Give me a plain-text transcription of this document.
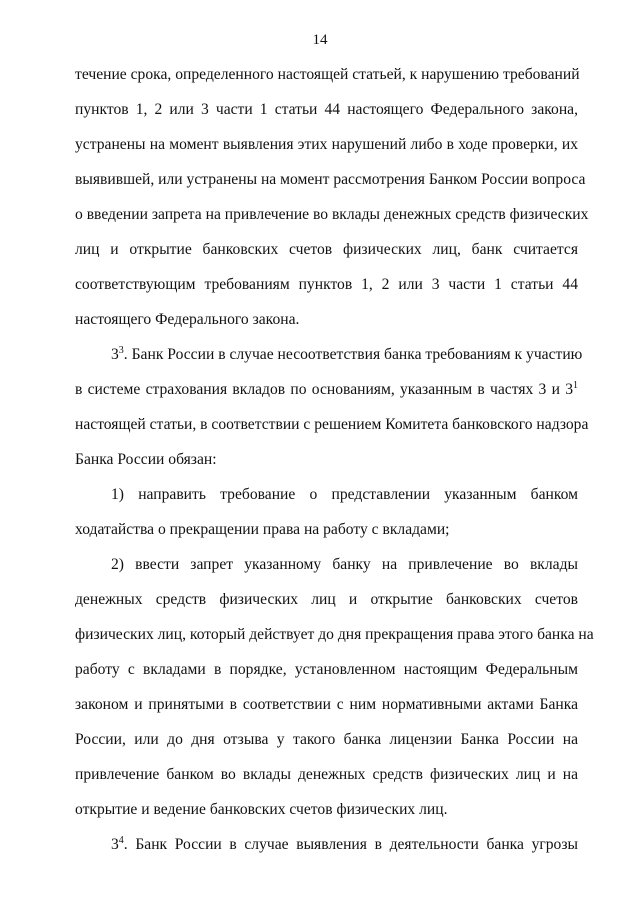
14
течение срока, определенного настоящей статьей, к нарушению требований
пунктов 1, 2 или 3 части 1 статьи 44 настоящего Федерального закона,
устранены на момент выявления этих нарушений либо в ходе проверки, их
выявившей, или устранены на момент рассмотрения Банком России вопроса
о введении запрета на привлечение во вклады денежных средств физических
лиц и открытие банковских счетов физических лиц, банк считается
соответствующим требованиям пунктов 1, 2 или 3 части 1 статьи 44
настоящего Федерального закона.
$3^3$. Банк России в случае несоответствия банка требованиям к участию
в системе страхования вкладов по основаниям, указанным в частях 3 и $3^1$
настоящей статьи, в соответствии с решением Комитета банковского надзора
Банка России обязан:
1) направить требование о представлении указанным банком
ходатайства о прекращении права на работу с вкладами;
2) ввести запрет указанному банку на привлечение во вклады
денежных средств физических лиц и открытие банковских счетов
физических лиц, который действует до дня прекращения права этого банка на
работу с вкладами в порядке, установленном настоящим Федеральным
законом и принятыми в соответствии с ним нормативными актами Банка
России, или до дня отзыва у такого банка лицензии Банка России на
привлечение банком во вклады денежных средств физических лиц и на
открытие и ведение банковских счетов физических лиц.
$3^4$. Банк России в случае выявления в деятельности банка угрозы
